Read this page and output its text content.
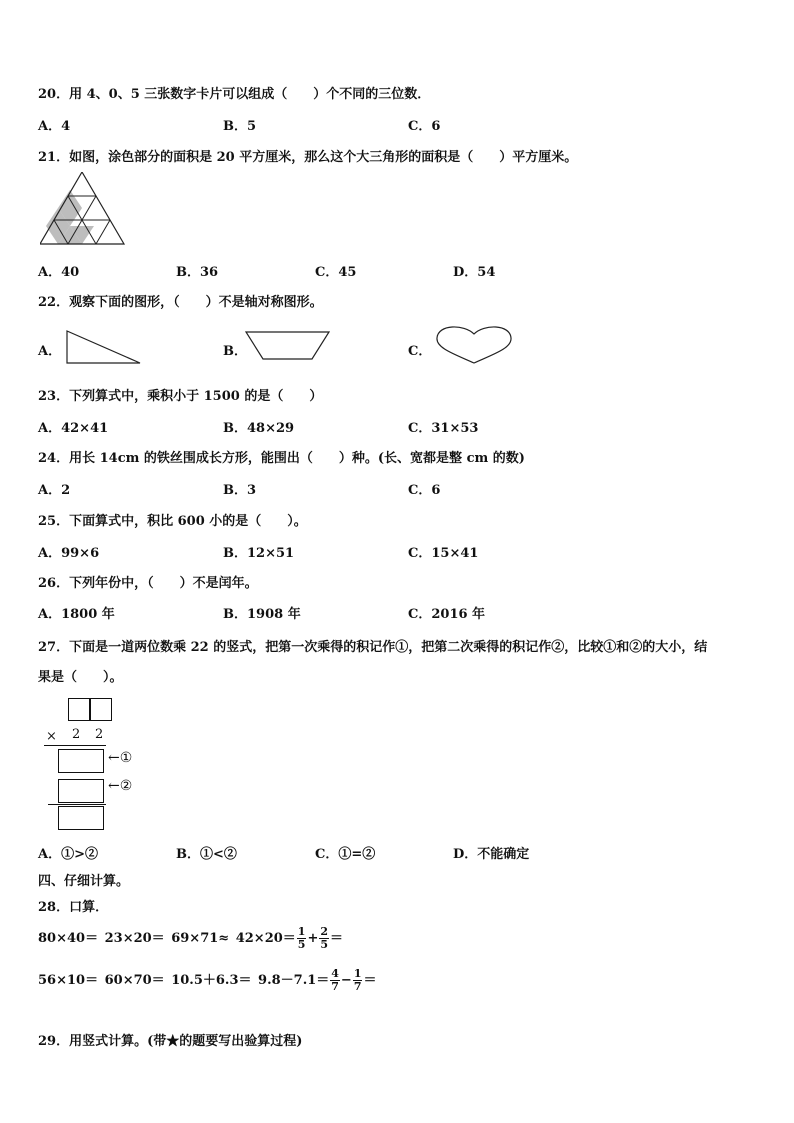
20．用 4、0、5 三张数字卡片可以组成（　　）个不同的三位数．
A．4	B．5	C．6
21．如图，涂色部分的面积是 20 平方厘米，那么这个大三角形的面积是（　　）平方厘米。
A．40	B．36	C．45	D．54
22．观察下面的图形，（　　）不是轴对称图形。
A．	B．	C．
23．下列算式中，乘积小于 1500 的是（　　）
A．42×41	B．48×29	C．31×53
24．用长 14cm 的铁丝围成长方形，能围出（　　）种。(长、宽都是整 cm 的数)
A．2	B．3	C．6
25．下面算式中，积比 600 小的是（　　）。
A．99×6	B．12×51	C．15×41
26．下列年份中，（　　）不是闰年。
A．1800 年	B．1908 年	C．2016 年
27．下面是一道两位数乘 22 的竖式，把第一次乘得的积记作①，把第二次乘得的积记作②，比较①和②的大小，结
果是（　　）。
× 2 2
←①
←②
A．①>②	B．①<②	C．①=②	D．不能确定
四、仔细计算。
28．口算．
$80\times 40= 23\times 20= 69\times 71\approx 42\times 20= \frac{1}{5} + \frac{2}{5}$ ＝
$56\times 10= 60\times 70= 10.5+6.3= 9.8-7.1= \frac{4}{7} - \frac{1}{7}$ ＝
29．用竖式计算。(带★的题要写出验算过程)
